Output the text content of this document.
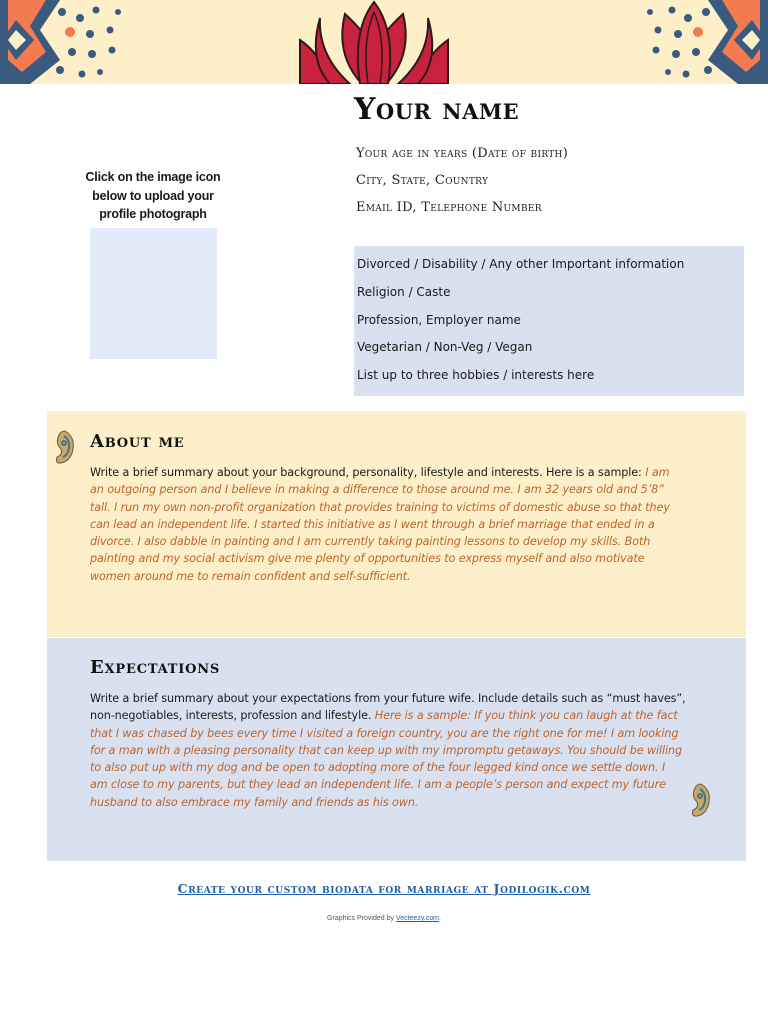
Your name
Your age in years (Date of birth)
City, State, Country
Email ID, Telephone Number
Click on the image icon below to upload your profile photograph
Divorced / Disability / Any other Important information
Religion / Caste
Profession, Employer name
Vegetarian / Non-Veg / Vegan
List up to three hobbies / interests here
About me
Write a brief summary about your background, personality, lifestyle and interests. Here is a sample: I am an outgoing person and I believe in making a difference to those around me. I am 32 years old and 5’8” tall. I run my own non-profit organization that provides training to victims of domestic abuse so that they can lead an independent life. I started this initiative as I went through a brief marriage that ended in a divorce. I also dabble in painting and I am currently taking painting lessons to develop my skills. Both painting and my social activism give me plenty of opportunities to express myself and also motivate women around me to remain confident and self-sufficient.
Expectations
Write a brief summary about your expectations from your future wife. Include details such as “must haves”, non-negotiables, interests, profession and lifestyle. Here is a sample: If you think you can laugh at the fact that I was chased by bees every time I visited a foreign country, you are the right one for me! I am looking for a man with a pleasing personality that can keep up with my impromptu getaways. You should be willing to also put up with my dog and be open to adopting more of the four legged kind once we settle down. I am close to my parents, but they lead an independent life. I am a people’s person and expect my future husband to also embrace my family and friends as his own.
Create your custom biodata for marriage at Jodilogik.com
Graphics Provided by Vecteezy.com.
